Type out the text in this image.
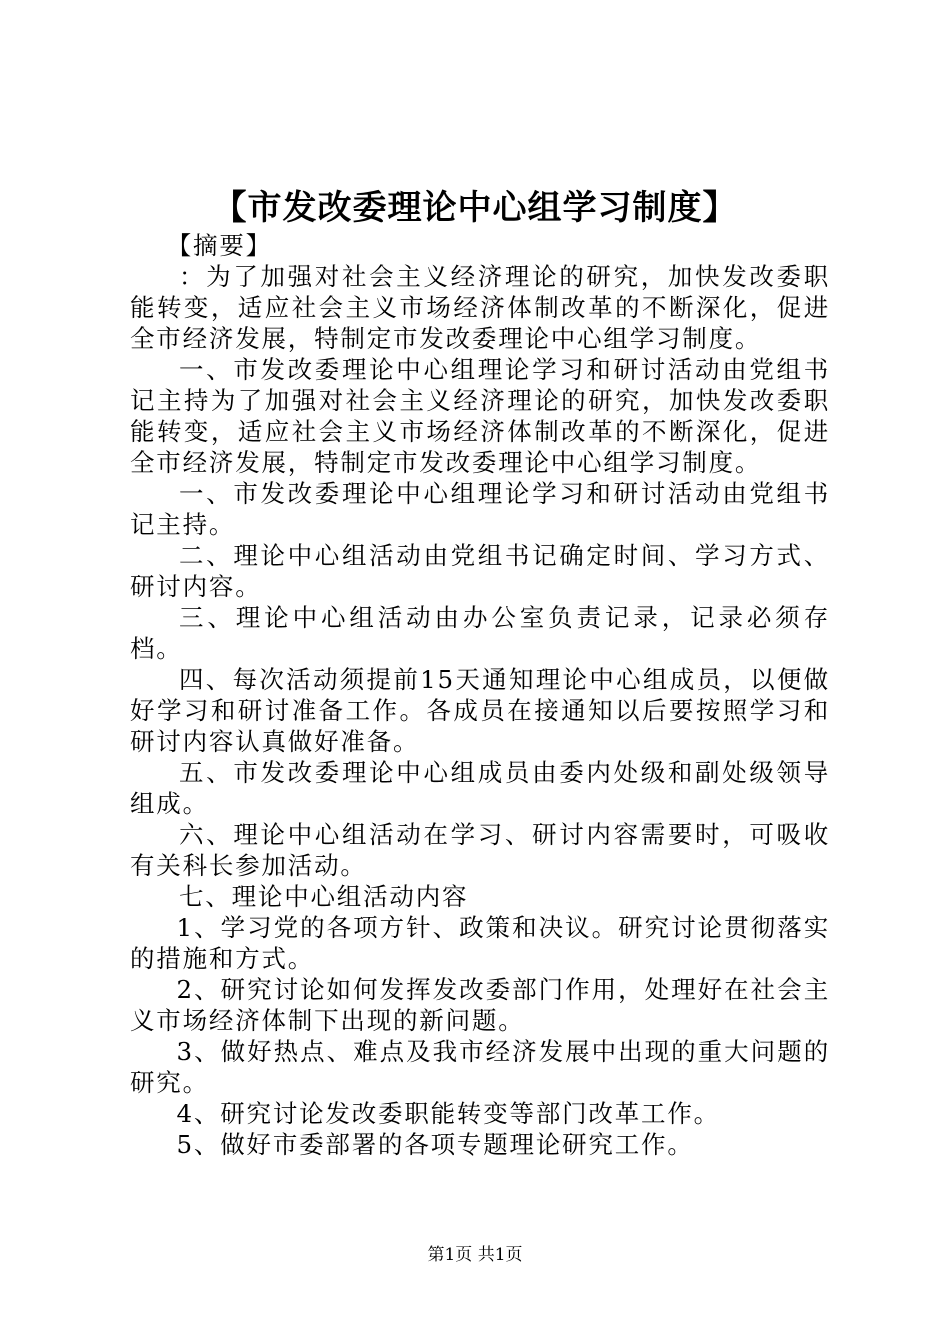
【市发改委理论中心组学习制度】

【摘要】

：为了加强对社会主义经济理论的研究，加快发改委职能转变，适应社会主义市场经济体制改革的不断深化，促进全市经济发展，特制定市发改委理论中心组学习制度。

一、市发改委理论中心组理论学习和研讨活动由党组书记主持为了加强对社会主义经济理论的研究，加快发改委职能转变，适应社会主义市场经济体制改革的不断深化，促进全市经济发展，特制定市发改委理论中心组学习制度。

一、市发改委理论中心组理论学习和研讨活动由党组书记主持。

二、理论中心组活动由党组书记确定时间、学习方式、研讨内容。

三、理论中心组活动由办公室负责记录，记录必须存档。

四、每次活动须提前15天通知理论中心组成员，以便做好学习和研讨准备工作。各成员在接通知以后要按照学习和研讨内容认真做好准备。

五、市发改委理论中心组成员由委内处级和副处级领导组成。

六、理论中心组活动在学习、研讨内容需要时，可吸收有关科长参加活动。

七、理论中心组活动内容

1、学习党的各项方针、政策和决议。研究讨论贯彻落实的措施和方式。

2、研究讨论如何发挥发改委部门作用，处理好在社会主义市场经济体制下出现的新问题。

3、做好热点、难点及我市经济发展中出现的重大问题的研究。

4、研究讨论发改委职能转变等部门改革工作。

5、做好市委部署的各项专题理论研究工作。

第1页 共1页
